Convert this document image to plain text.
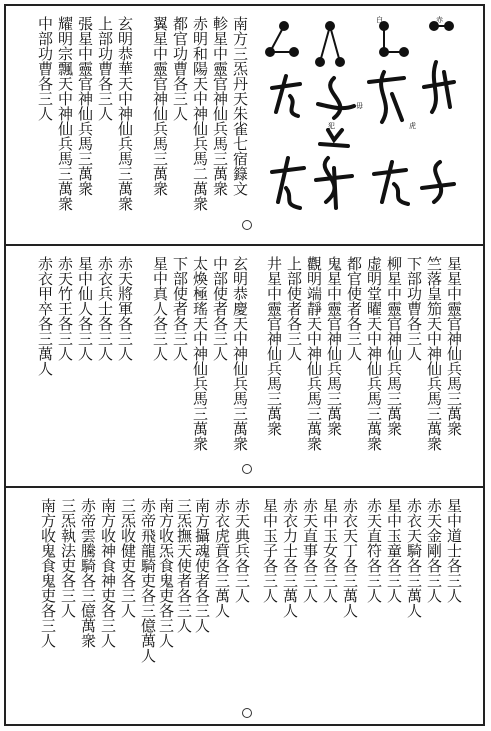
赤
虎
白
毋
犯
南方三炁丹天朱雀七宿籙文
軫星中靈官神仙兵馬三萬衆
赤明和陽天中神仙兵馬二萬衆
都官功曹各三人
翼星中靈官神仙兵馬三萬衆
玄明恭華天中神仙兵馬三萬衆
上部功曹各三人
張星中靈官神仙兵馬三萬衆
耀明宗飄天中神仙兵馬三萬衆
中部功曹各三人
星星中靈官神仙兵馬三萬衆
竺落皇笳天中神仙兵馬三萬衆
下部功曹各三人
柳星中靈官神仙兵馬三萬衆
虚明堂曜天中神仙兵馬三萬衆
都官使者各三人
鬼星中靈官神仙兵馬三萬衆
觀明端靜天中神仙兵馬三萬衆
上部使者各三人
井星中靈官神仙兵馬三萬衆
玄明恭慶天中神仙兵馬三萬衆
中部使者各三人
太煥極瑤天中神仙兵馬三萬衆
下部使者各三人
星中真人各三人
赤天將軍各三人
赤衣兵士各三人
星中仙人各三人
赤天竹王各三人
赤衣甲卒各三萬人
星中道士各三人
赤天金剛各三人
赤衣天騎各三萬人
星中玉童各三人
赤天直符各三人
赤衣天丁各三萬人
星中玉女各三人
赤天直事各三人
赤衣力士各三萬人
星中玉子各三人
赤天典兵各三人
赤衣虎賁各三萬人
南方攝魂使者各三人
三炁撫天使者各三人
南方收炁食鬼吏各三人
赤帝飛龍騎吏各三億萬人
三炁收健吏各三人
南方收神食神吏各三人
赤帝雲騰騎各三億萬衆
三炁執法吏各三人
南方收鬼食鬼吏各三人
